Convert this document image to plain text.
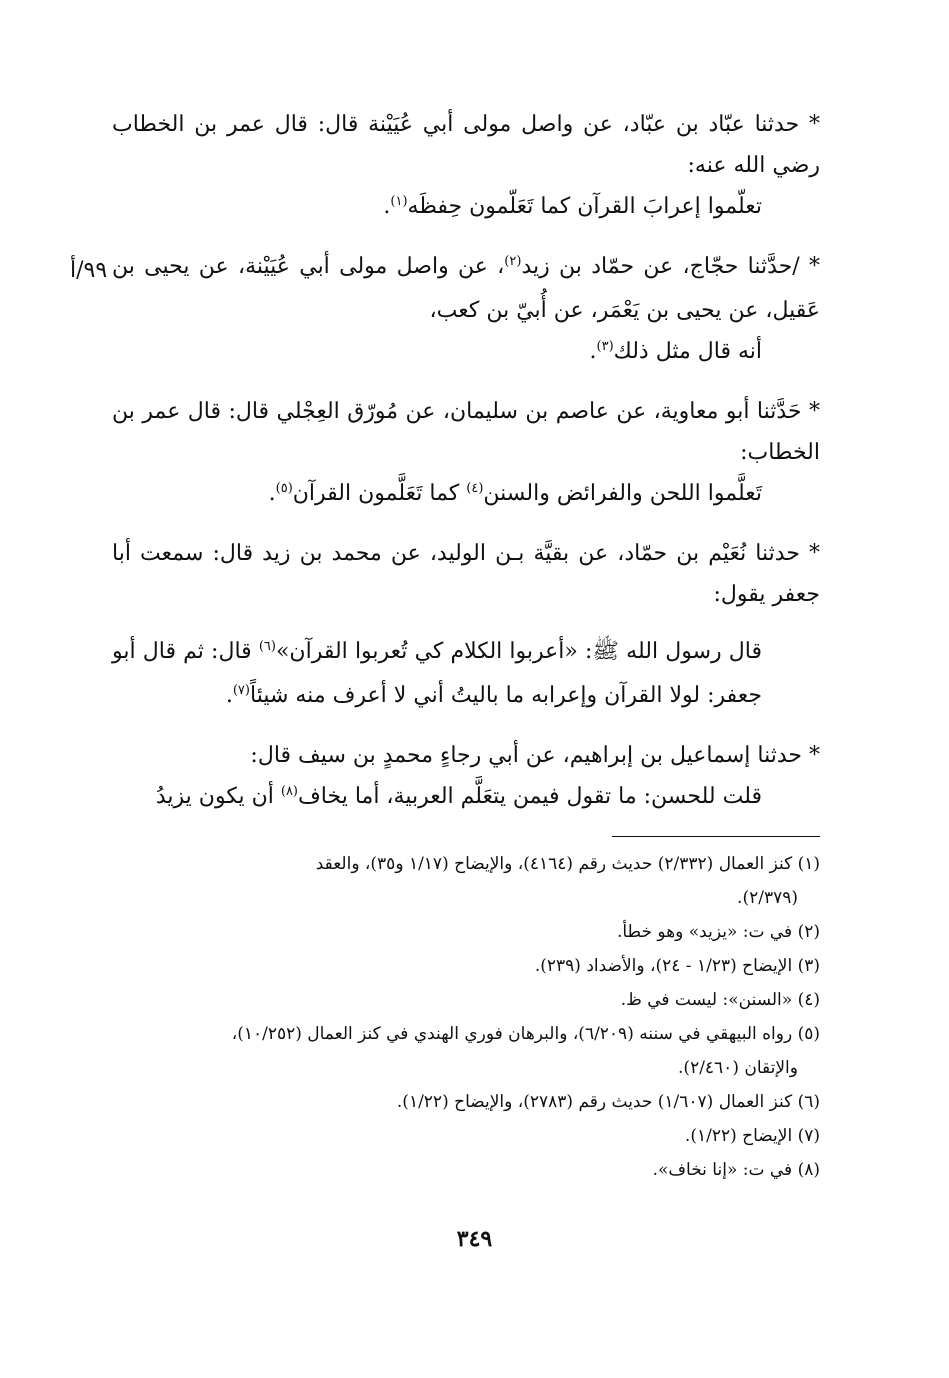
* حدثنا عبّاد بن عبّاد، عن واصل مولى أبي عُيَيْنة قال: قال عمر بن الخطاب رضي الله عنه:

تعلّموا إعرابَ القرآن كما تَعَلّمون حِفظَه$^{(١)}$.

* /حدَّثنا حجّاج، عن حمّاد بن زيد$^{(٢)}$، عن واصل مولى أبي عُيَيْنة، عن يحيى بن عَقيل، عن يحيى بن يَعْمَر، عن أُبيّ بن كعب،

أنه قال مثل ذلك$^{(٣)}$.

* حَدَّثنا أبو معاوية، عن عاصم بن سليمان، عن مُورّق العِجْلي قال: قال عمر بن الخطاب:

تَعلَّموا اللحن والفرائض والسنن$^{(٤)}$ كما تَعَلَّمون القرآن$^{(٥)}$.

* حدثنا نُعَيْم بن حمّاد، عن بقيَّة بـن الوليد، عن محمد بن زيد قال: سمعت أبا جعفر يقول:

قال رسول الله ﷺ: «أعربوا الكلام كي تُعربوا القرآن»$^{(٦)}$ قال: ثم قال أبو جعفر: لولا القرآن وإعرابه ما باليتُ أني لا أعرف منه شيئاً$^{(٧)}$.

* حدثنا إسماعيل بن إبراهيم، عن أبي رجاءٍ محمدٍ بن سيف قال:

قلت للحسن: ما تقول فيمن يتعَلَّم العربية، أما يخاف$^{(٨)}$ أن يكون يزيدُ

٩٩/أ

(١) كنز العمال (٢/٣٣٢) حديث رقم (٤١٦٤)، والإيضاح (١/١٧ و٣٥)، والعقد
(٢/٣٧٩).

(٢) في ت: «يزيد» وهو خطأ.

(٣) الإيضاح (١/٢٣ - ٢٤)، والأضداد (٢٣٩).

(٤) «السنن»: ليست في ظ.

(٥) رواه البيهقي في سننه (٦/٢٠٩)، والبرهان فوري الهندي في كنز العمال (١٠/٢٥٢)،
والإتقان (٢/٤٦٠).

(٦) كنز العمال (١/٦٠٧) حديث رقم (٢٧٨٣)، والإيضاح (١/٢٢).

(٧) الإيضاح (١/٢٢).

(٨) في ت: «إنا نخاف».

٣٤٩
